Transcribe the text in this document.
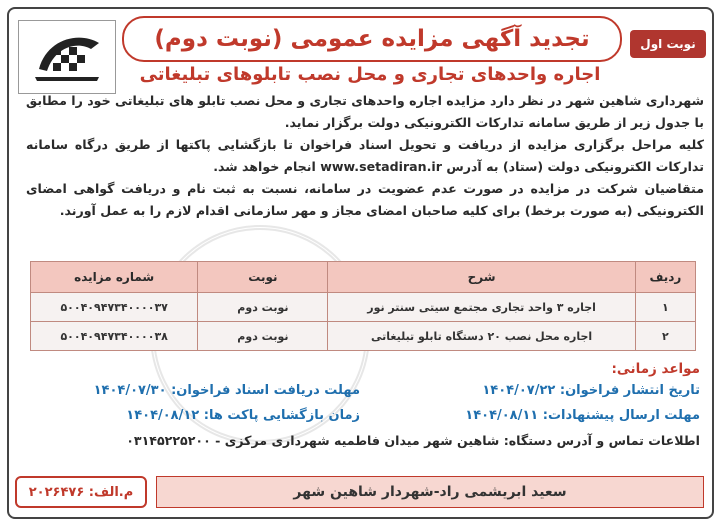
تجدید آگهی مزایده عمومی (نوبت دوم)	نوبت اول
اجاره واحدهای تجاری و محل نصب تابلوهای تبلیغاتی

شهرداری شاهین شهر در نظر دارد مزایده اجاره واحدهای تجاری و محل نصب تابلو های تبلیغاتی خود را مطابق با جدول زیر از طریق سامانه تدارکات الکترونیکی دولت برگزار نماید.

کلیه مراحل برگزاری مزایده از دریافت و تحویل اسناد فراخوان تا بازگشایی پاکتها از طریق درگاه سامانه تدارکات الکترونیکی دولت (ستاد) به آدرس www.setadiran.ir انجام خواهد شد.

متقاضیان شرکت در مزایده در صورت عدم عضویت در سامانه، نسبت به ثبت نام و دریافت گواهی امضای الکترونیکی (به صورت برخط) برای کلیه صاحبان امضای مجاز و مهر سازمانی اقدام لازم را به عمل آورند.

ردیف	شرح	نوبت	شماره مزایده
۱	اجاره ۳ واحد تجاری مجتمع سیتی سنتر نور	نوبت دوم	۵۰۰۴۰۹۴۷۳۴۰۰۰۰۳۷
۲	اجاره محل نصب ۲۰ دستگاه تابلو تبلیغاتی	نوبت دوم	۵۰۰۴۰۹۴۷۳۴۰۰۰۰۳۸
مواعد زمانی:
تاریخ انتشار فراخوان: ۱۴۰۴/۰۷/۲۲
مهلت دریافت اسناد فراخوان: ۱۴۰۴/۰۷/۳۰
مهلت ارسال پیشنهادات: ۱۴۰۴/۰۸/۱۱
زمان بازگشایی پاکت ها: ۱۴۰۴/۰۸/۱۲
اطلاعات تماس و آدرس دستگاه: شاهین شهر میدان فاطمیه شهرداری مرکزی - ۰۳۱۴۵۲۲۵۲۰۰
سعید ابریشمی راد-شهردار شاهین شهر
م.الف: ۲۰۲۶۴۷۶
